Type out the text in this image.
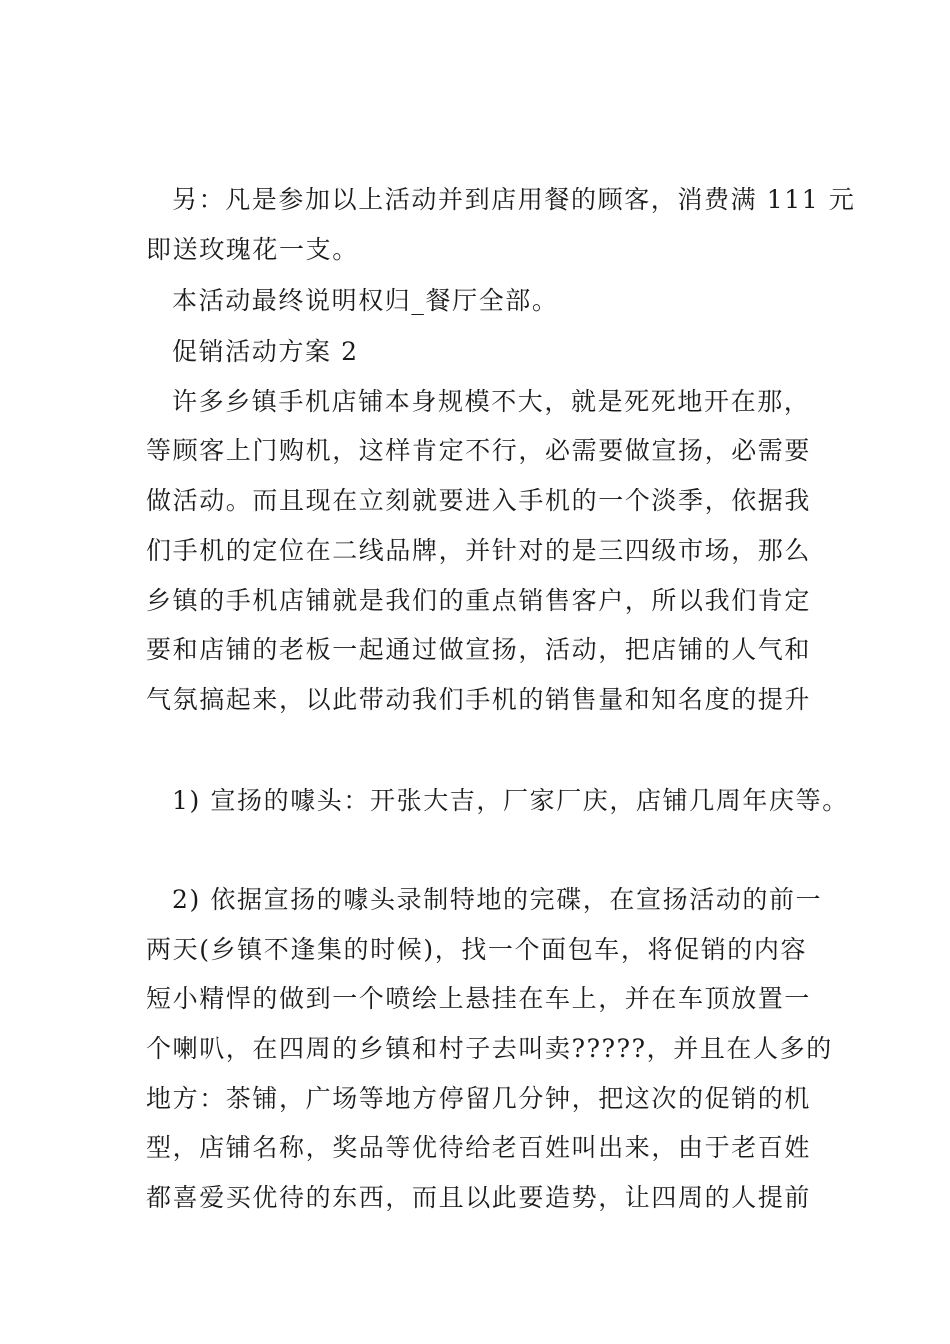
另：凡是参加以上活动并到店用餐的顾客，消费满 111 元
即送玫瑰花一支。
本活动最终说明权归_餐厅全部。
促销活动方案 2
许多乡镇手机店铺本身规模不大，就是死死地开在那，
等顾客上门购机，这样肯定不行，必需要做宣扬，必需要
做活动。而且现在立刻就要进入手机的一个淡季，依据我
们手机的定位在二线品牌，并针对的是三四级市场，那么
乡镇的手机店铺就是我们的重点销售客户，所以我们肯定
要和店铺的老板一起通过做宣扬，活动，把店铺的人气和
气氛搞起来，以此带动我们手机的销售量和知名度的提升
1) 宣扬的噱头：开张大吉，厂家厂庆，店铺几周年庆等。
2) 依据宣扬的噱头录制特地的完碟，在宣扬活动的前一
两天(乡镇不逢集的时候)，找一个面包车，将促销的内容
短小精悍的做到一个喷绘上悬挂在车上，并在车顶放置一
个喇叭，在四周的乡镇和村子去叫卖?????，并且在人多的
地方：茶铺，广场等地方停留几分钟，把这次的促销的机
型，店铺名称，奖品等优待给老百姓叫出来，由于老百姓
都喜爱买优待的东西，而且以此要造势，让四周的人提前
